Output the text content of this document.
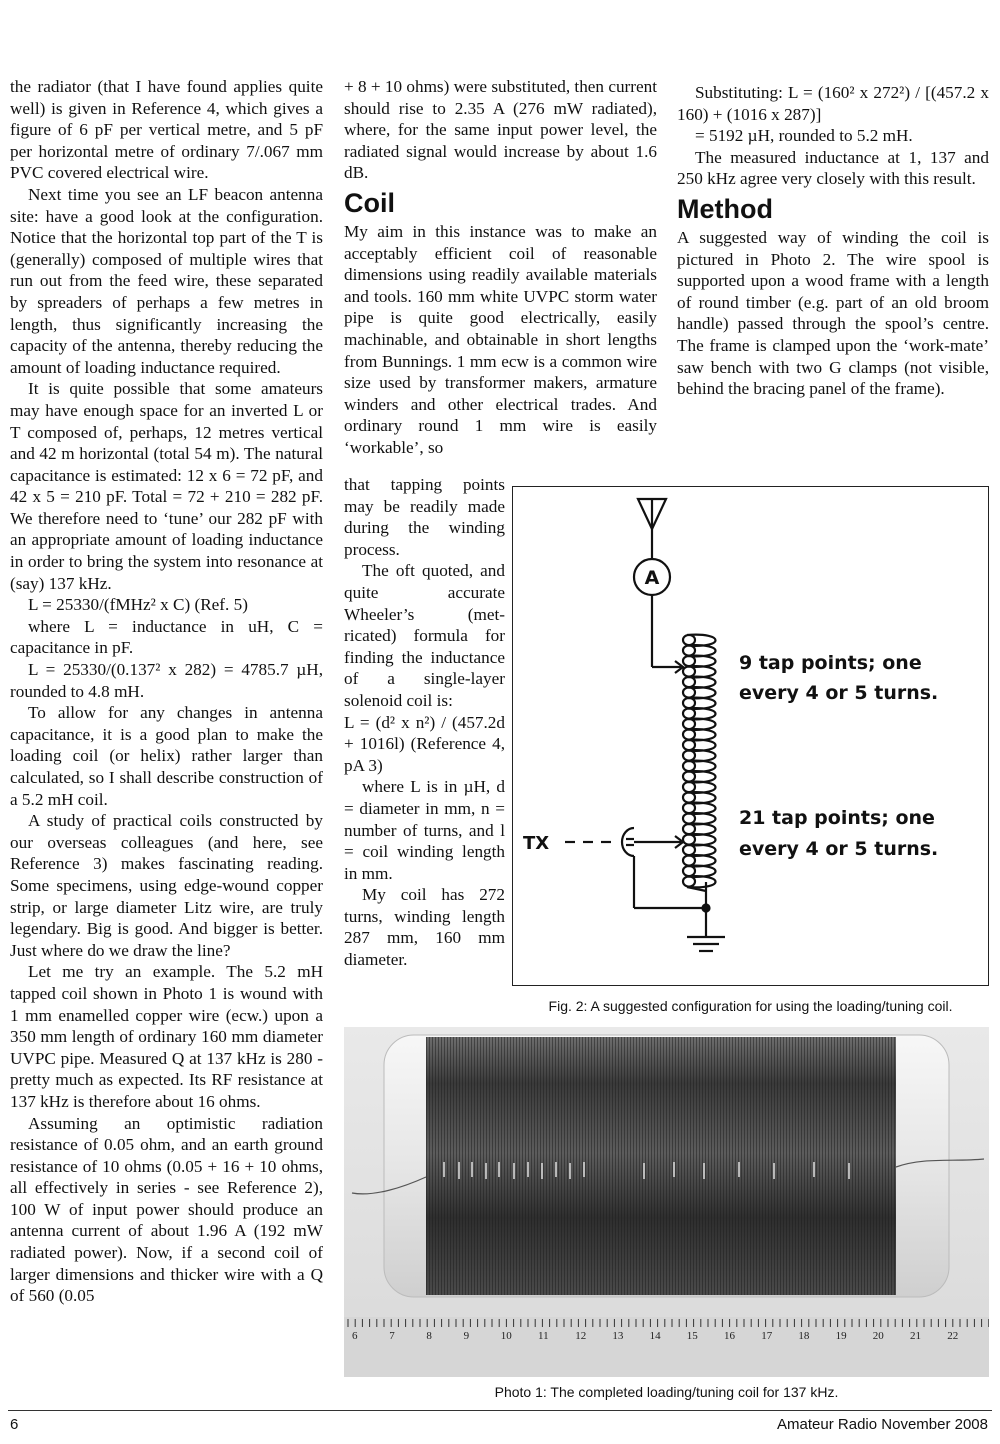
the radiator (that I have found applies quite well) is given in Reference 4, which gives a figure of 6 pF per vertical metre, and 5 pF per horizontal metre of ordinary 7/.067 mm PVC covered electrical wire.

Next time you see an LF beacon antenna site: have a good look at the configuration. Notice that the horizontal top part of the T is (generally) composed of multiple wires that run out from the feed wire, these separated by spreaders of perhaps a few metres in length, thus significantly increasing the capacity of the antenna, thereby reducing the amount of loading inductance required.

It is quite possible that some amateurs may have enough space for an inverted L or T composed of, perhaps, 12 metres vertical and 42 m horizontal (total 54 m). The natural capacitance is estimated: 12 x 6 = 72 pF, and 42 x 5 = 210 pF. Total = 72 + 210 = 282 pF. We therefore need to ‘tune’ our 282 pF with an appropriate amount of loading inductance in order to bring the system into resonance at (say) 137 kHz.

L = 25330/(fMHz² x C) (Ref. 5)

where L = inductance in uH, C = capacitance in pF.

L = 25330/(0.137² x 282) = 4785.7 µH, rounded to 4.8 mH.

To allow for any changes in antenna capacitance, it is a good plan to make the loading coil (or helix) rather larger than calculated, so I shall describe construction of a 5.2 mH coil.

A study of practical coils constructed by our overseas colleagues (and here, see Reference 3) makes fascinating reading. Some specimens, using edge-wound copper strip, or large diameter Litz wire, are truly legendary. Big is good. And bigger is better. Just where do we draw the line?

Let me try an example. The 5.2 mH tapped coil shown in Photo 1 is wound with 1 mm enamelled copper wire (ecw.) upon a 350 mm length of ordinary 160 mm diameter UVPC pipe. Measured Q at 137 kHz is 280 - pretty much as expected. Its RF resistance at 137 kHz is therefore about 16 ohms.

Assuming an optimistic radiation resistance of 0.05 ohm, and an earth ground resistance of 10 ohms (0.05 + 16 + 10 ohms, all effectively in series - see Reference 2), 100 W of input power should produce an antenna current of about 1.96 A (192 mW radiated power). Now, if a second coil of larger dimensions and thicker wire with a Q of 560 (0.05

+ 8 + 10 ohms) were substituted, then current should rise to 2.35 A (276 mW radiated), where, for the same input power level, the radiated signal would increase by about 1.6 dB.

Coil

My aim in this instance was to make an acceptably efficient coil of reasonable dimensions using readily available materials and tools. 160 mm white UVPC storm water pipe is quite good electrically, easily machinable, and obtainable in short lengths from Bunnings. 1 mm ecw is a common wire size used by transformer makers, armature winders and other electrical trades. And ordinary round 1 mm wire is easily ‘workable’, so

that tapping points may be readily made during the winding process.

The oft quoted, and quite accurate Wheeler’s (met-ricated) formula for finding the inductance of a single-layer solenoid coil is:

L = (d² x n²) / (457.2d + 1016l) (Reference 4, pA 3)

where L is in µH, d = diameter in mm, n = number of turns, and l = coil winding length in mm.

My coil has 272 turns, winding length 287 mm, 160 mm diameter.

Substituting: L = (160² x 272²) / [(457.2 x 160) + (1016 x 287)]

= 5192 µH, rounded to 5.2 mH.

The measured inductance at 1, 137 and 250 kHz agree very closely with this result.

Method

A suggested way of winding the coil is pictured in Photo 2. The wire spool is supported upon a wood frame with a length of round timber (e.g. part of an old broom handle) passed through the spool’s centre. The frame is clamped upon the ‘work-mate’ saw bench with two G clamps (not visible, behind the bracing panel of the frame).

A
TX
9 tap points; one
every 4 or 5 turns.
21 tap points; one
every 4 or 5 turns.
Fig. 2: A suggested configuration for using the loading/tuning coil.
6	7	8	9	10 11 12 13 14 15 16 17 18 19 20 21 22
Photo 1: The completed loading/tuning coil for 137 kHz.
6	Amateur Radio November 2008
